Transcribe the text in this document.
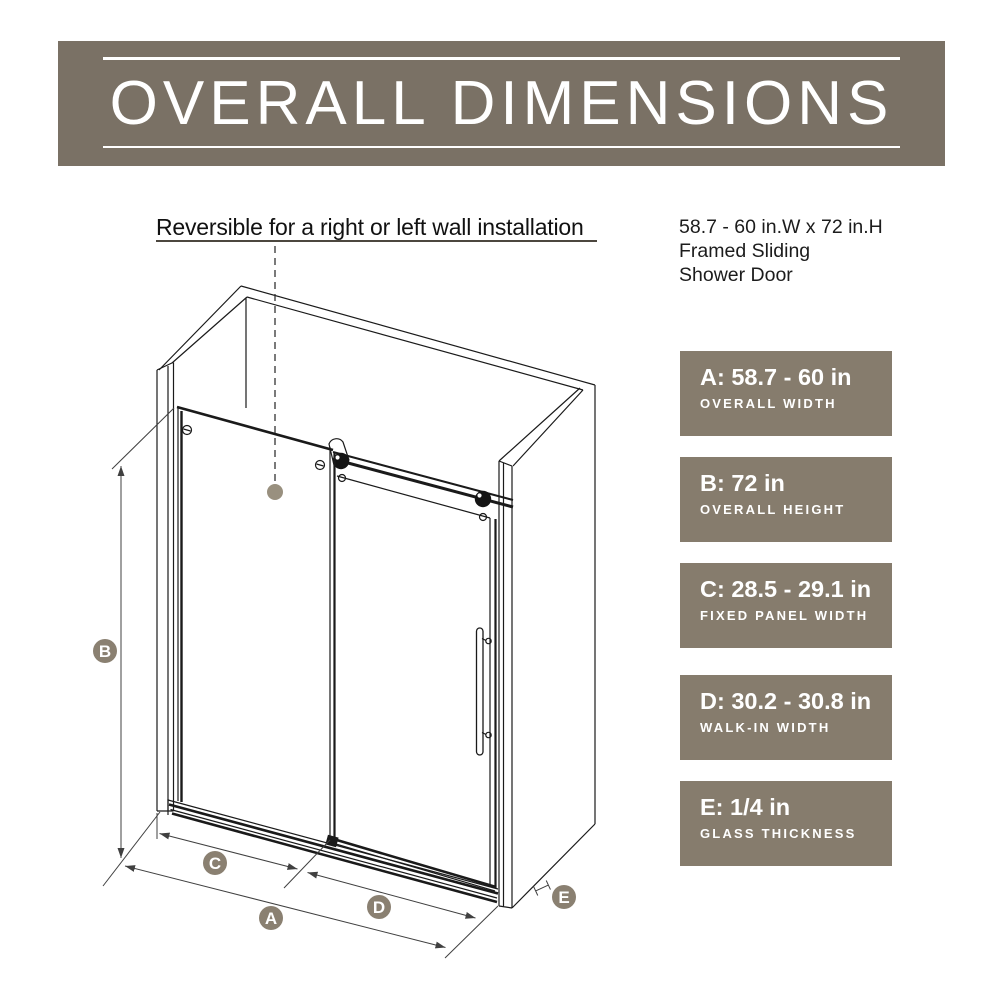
OVERALL DIMENSIONS
B
C
A
D
E
Reversible for a right or left wall installation	58.7 - 60 in.W x 72 in.H
Framed Sliding
Shower Door
A: 58.7 - 60 in
OVERALL WIDTH
B: 72 in
OVERALL HEIGHT
C: 28.5 - 29.1 in
FIXED PANEL WIDTH
D: 30.2 - 30.8 in
WALK-IN WIDTH
E: 1/4 in
GLASS THICKNESS
